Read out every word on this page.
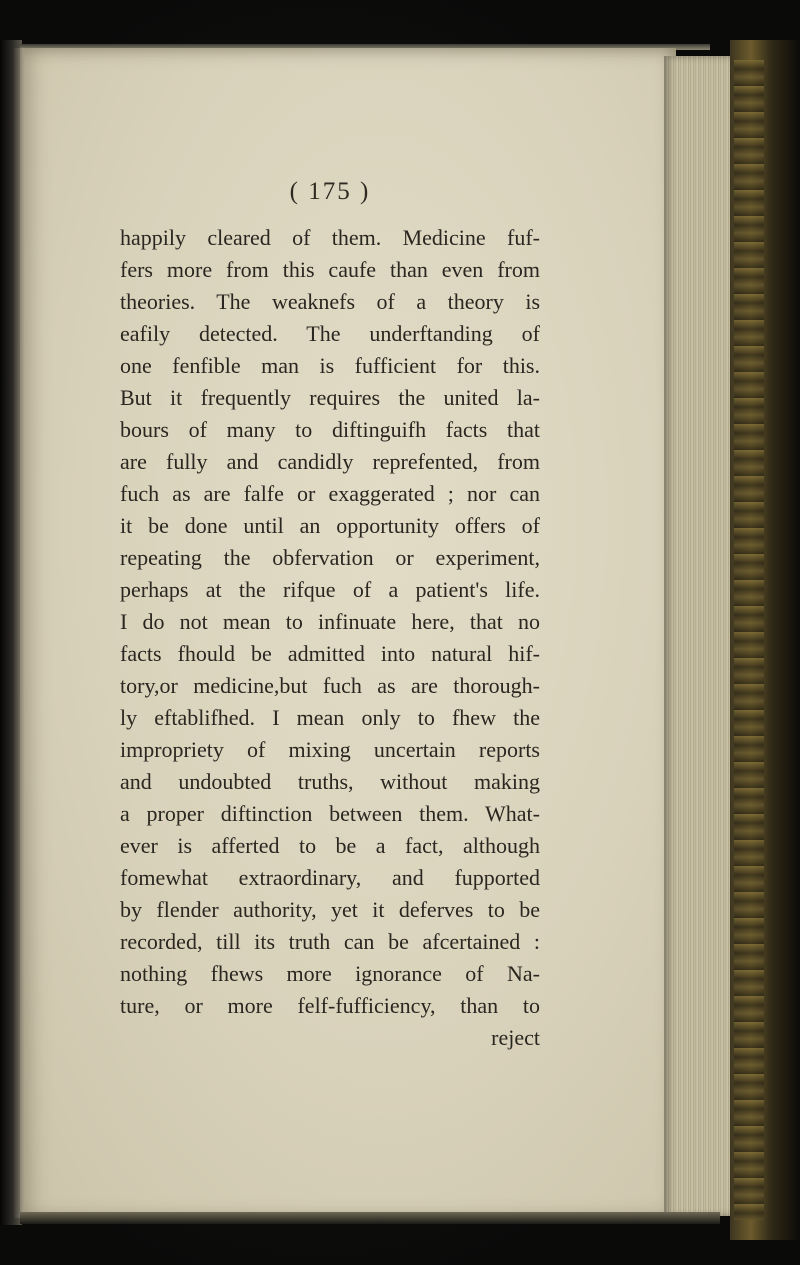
( 175 )
happily cleared of them. Medicine fuf-
fers more from this caufe than even from
theories. The weaknefs of a theory is
eafily detected. The underftanding of
one fenfible man is fufficient for this.
But it frequently requires the united la-
bours of many to diftinguifh facts that
are fully and candidly reprefented, from
fuch as are falfe or exaggerated ; nor can
it be done until an opportunity offers of
repeating the obfervation or experiment,
perhaps at the rifque of a patient's life.
I do not mean to infinuate here, that no
facts fhould be admitted into natural hif-
tory,or medicine,but fuch as are thorough-
ly eftablifhed. I mean only to fhew the
impropriety of mixing uncertain reports
and undoubted truths, without making
a proper diftinction between them. What-
ever is afferted to be a fact, although
fomewhat extraordinary, and fupported
by flender authority, yet it deferves to be
recorded, till its truth can be afcertained :
nothing fhews more ignorance of Na-
ture, or more felf-fufficiency, than to
reject
